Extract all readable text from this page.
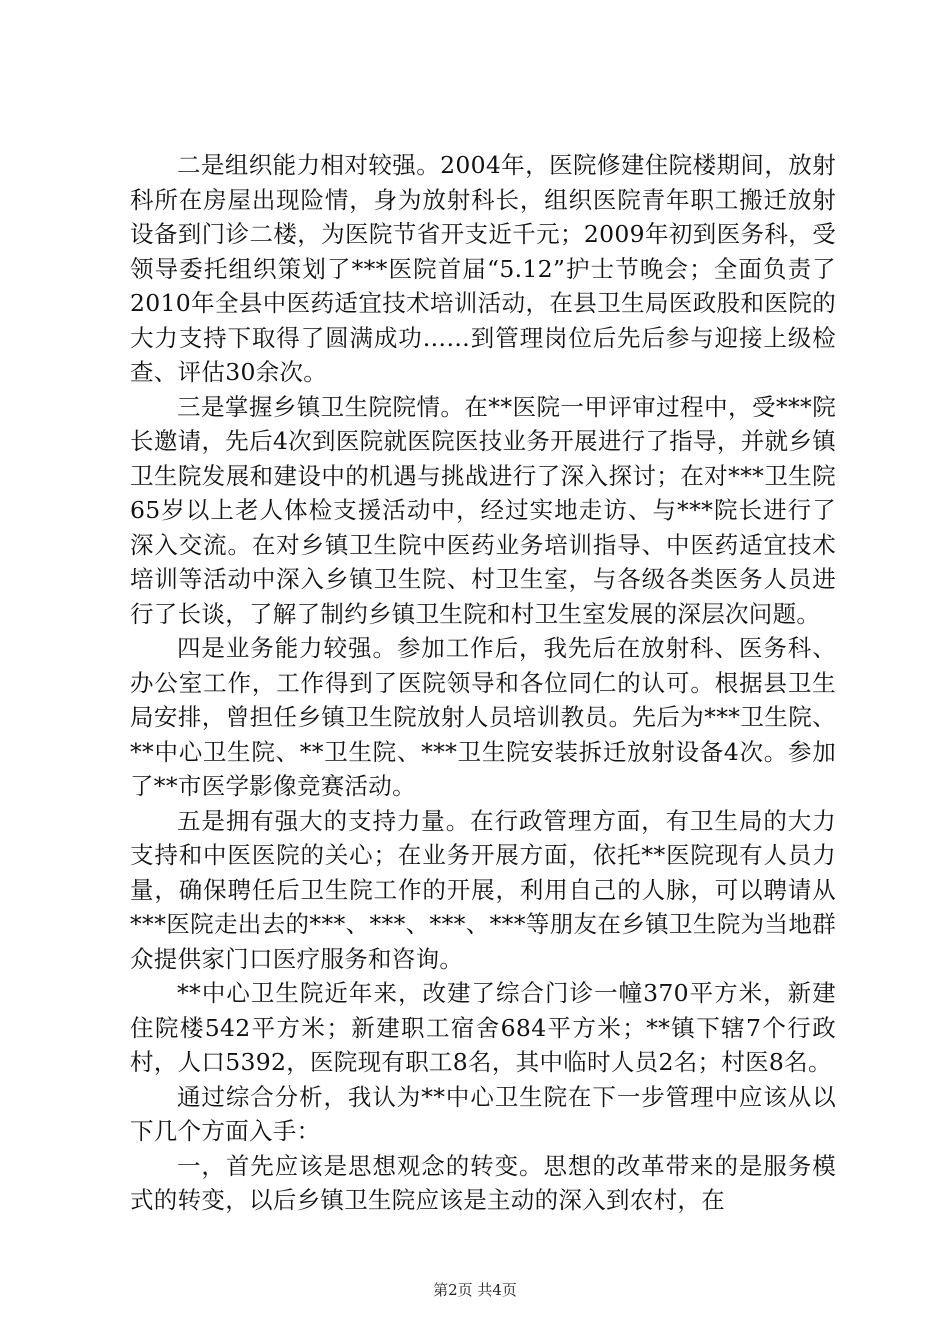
二是组织能力相对较强。2004年，医院修建住院楼期间，放射科所在房屋出现险情，身为放射科长，组织医院青年职工搬迁放射设备到门诊二楼，为医院节省开支近千元；2009年初到医务科，受领导委托组织策划了***医院首届“5.12”护士节晚会；全面负责了2010年全县中医药适宜技术培训活动，在县卫生局医政股和医院的大力支持下取得了圆满成功……到管理岗位后先后参与迎接上级检查、评估30余次。

三是掌握乡镇卫生院院情。在**医院一甲评审过程中，受***院长邀请，先后4次到医院就医院医技业务开展进行了指导，并就乡镇卫生院发展和建设中的机遇与挑战进行了深入探讨；在对***卫生院65岁以上老人体检支援活动中，经过实地走访、与***院长进行了深入交流。在对乡镇卫生院中医药业务培训指导、中医药适宜技术培训等活动中深入乡镇卫生院、村卫生室，与各级各类医务人员进行了长谈，了解了制约乡镇卫生院和村卫生室发展的深层次问题。

四是业务能力较强。参加工作后，我先后在放射科、医务科、办公室工作，工作得到了医院领导和各位同仁的认可。根据县卫生局安排，曾担任乡镇卫生院放射人员培训教员。先后为***卫生院、**中心卫生院、**卫生院、***卫生院安装拆迁放射设备4次。参加了**市医学影像竞赛活动。

五是拥有强大的支持力量。在行政管理方面，有卫生局的大力支持和中医医院的关心；在业务开展方面，依托**医院现有人员力量，确保聘任后卫生院工作的开展，利用自己的人脉，可以聘请从***医院走出去的***、***、***、***等朋友在乡镇卫生院为当地群众提供家门口医疗服务和咨询。

**中心卫生院近年来，改建了综合门诊一幢370平方米，新建住院楼542平方米；新建职工宿舍684平方米；**镇下辖7个行政村，人口5392，医院现有职工8名，其中临时人员2名；村医8名。

通过综合分析，我认为**中心卫生院在下一步管理中应该从以下几个方面入手：

一，首先应该是思想观念的转变。思想的改革带来的是服务模式的转变，以后乡镇卫生院应该是主动的深入到农村，在

第2页 共4页
